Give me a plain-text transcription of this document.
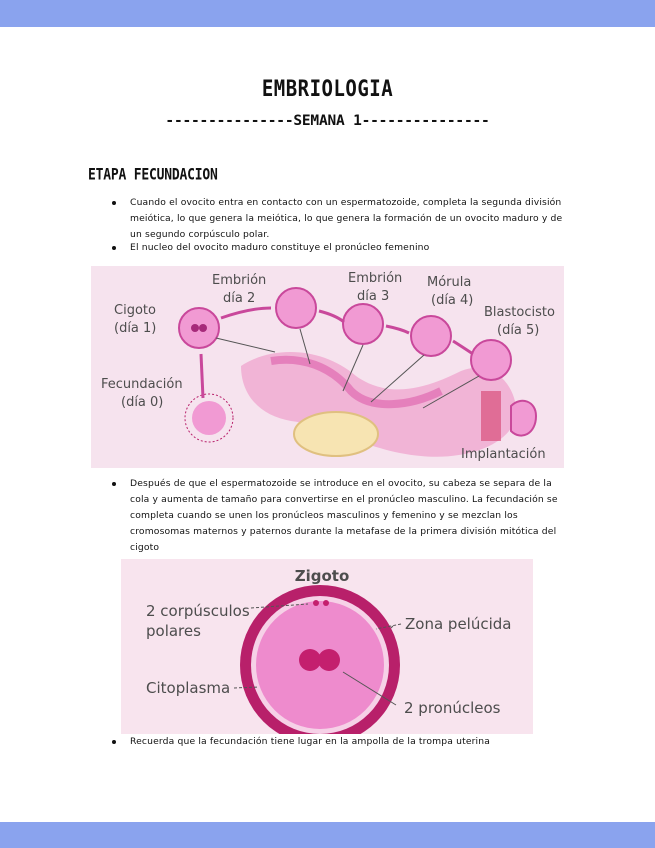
EMBRIOLOGIA
---------------SEMANA 1---------------
ETAPA FECUNDACION
Cuando el ovocito entra en contacto con un espermatozoide, completa la segunda división meiótica, lo que genera la meiótica, lo que genera la formación de un ovocito maduro y de un segundo corpúsculo polar.
El nucleo del ovocito maduro constituye el pronúcleo femenino
Cigoto
(día 1)
Embrión
día 2
Embrión
día 3
Mórula
(día 4)
Blastocisto
(día 5)
Fecundación
(día 0)
Implantación
Después de que el espermatozoide se introduce en el ovocito, su cabeza se separa de la cola y aumenta de tamaño para convertirse en el pronúcleo masculino. La fecundación se completa cuando se unen los pronúcleos masculinos y femenino y se mezclan los cromosomas maternos y paternos durante la metafase de la primera división mitótica del cigoto
Zigoto
2 corpúsculos
polares	Zona pelúcida
Citoplasma
2 pronúcleos
Recuerda que la fecundación tiene lugar en la ampolla de la trompa uterina
